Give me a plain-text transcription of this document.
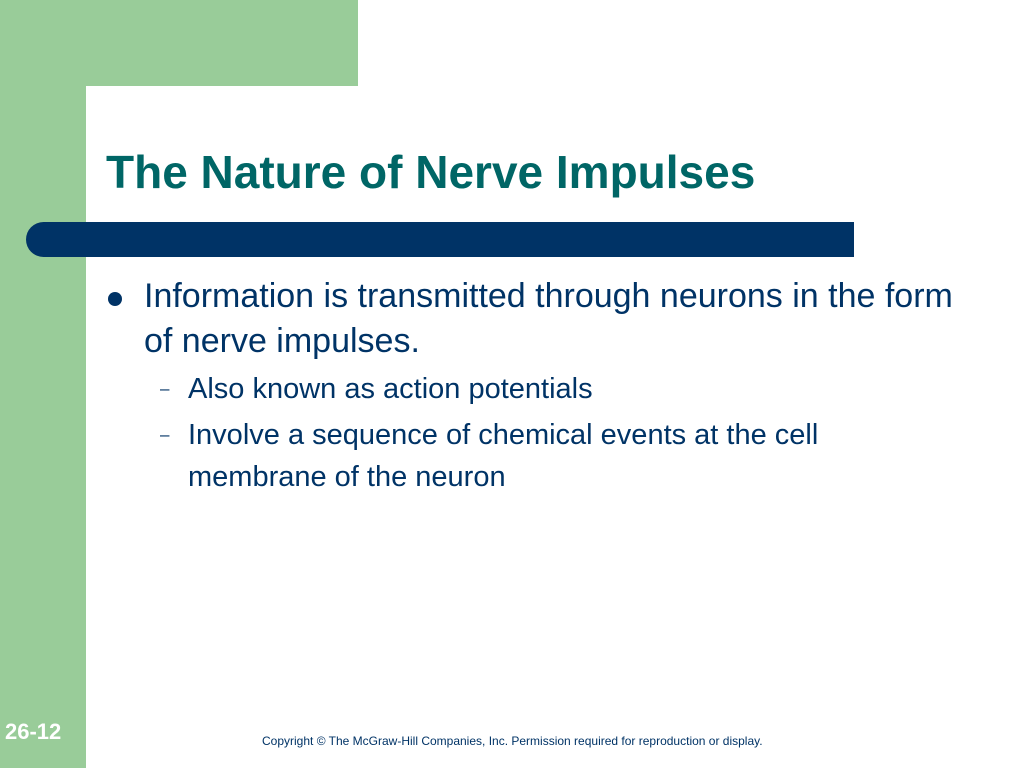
The Nature of Nerve Impulses
Information is transmitted through neurons in the form of nerve impulses.
– Also known as action potentials
– Involve a sequence of chemical events at the cell membrane of the neuron
26-12	Copyright © The McGraw-Hill Companies, Inc. Permission required for reproduction or display.
